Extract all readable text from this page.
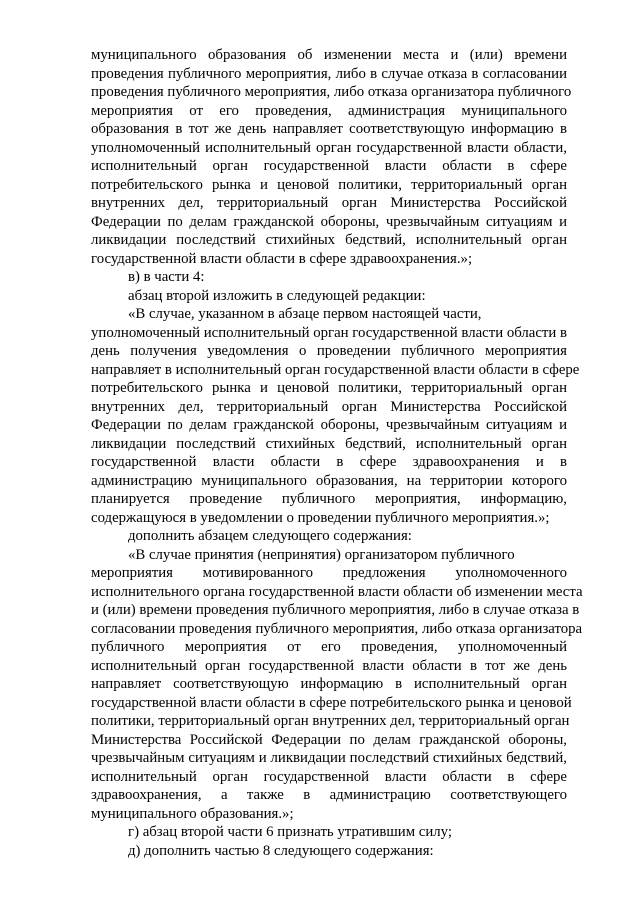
муниципального образования об изменении места и (или) времени
проведения публичного мероприятия, либо в случае отказа в согласовании
проведения публичного мероприятия, либо отказа организатора публичного
мероприятия от его проведения, администрация муниципального
образования в тот же день направляет соответствующую информацию в
уполномоченный исполнительный орган государственной власти области,
исполнительный орган государственной власти области в сфере
потребительского рынка и ценовой политики, территориальный орган
внутренних дел, территориальный орган Министерства Российской
Федерации по делам гражданской обороны, чрезвычайным ситуациям и
ликвидации последствий стихийных бедствий, исполнительный орган
государственной власти области в сфере здравоохранения.»;
в) в части 4:
абзац второй изложить в следующей редакции:
«В случае, указанном в абзаце первом настоящей части,
уполномоченный исполнительный орган государственной власти области в
день получения уведомления о проведении публичного мероприятия
направляет в исполнительный орган государственной власти области в сфере
потребительского рынка и ценовой политики, территориальный орган
внутренних дел, территориальный орган Министерства Российской
Федерации по делам гражданской обороны, чрезвычайным ситуациям и
ликвидации последствий стихийных бедствий, исполнительный орган
государственной власти области в сфере здравоохранения и в
администрацию муниципального образования, на территории которого
планируется проведение публичного мероприятия, информацию,
содержащуюся в уведомлении о проведении публичного мероприятия.»;
дополнить абзацем следующего содержания:
«В случае принятия (непринятия) организатором публичного
мероприятия мотивированного предложения уполномоченного
исполнительного органа государственной власти области об изменении места
и (или) времени проведения публичного мероприятия, либо в случае отказа в
согласовании проведения публичного мероприятия, либо отказа организатора
публичного мероприятия от его проведения, уполномоченный
исполнительный орган государственной власти области в тот же день
направляет соответствующую информацию в исполнительный орган
государственной власти области в сфере потребительского рынка и ценовой
политики, территориальный орган внутренних дел, территориальный орган
Министерства Российской Федерации по делам гражданской обороны,
чрезвычайным ситуациям и ликвидации последствий стихийных бедствий,
исполнительный орган государственной власти области в сфере
здравоохранения, а также в администрацию соответствующего
муниципального образования.»;
г) абзац второй части 6 признать утратившим силу;
д) дополнить частью 8 следующего содержания:
